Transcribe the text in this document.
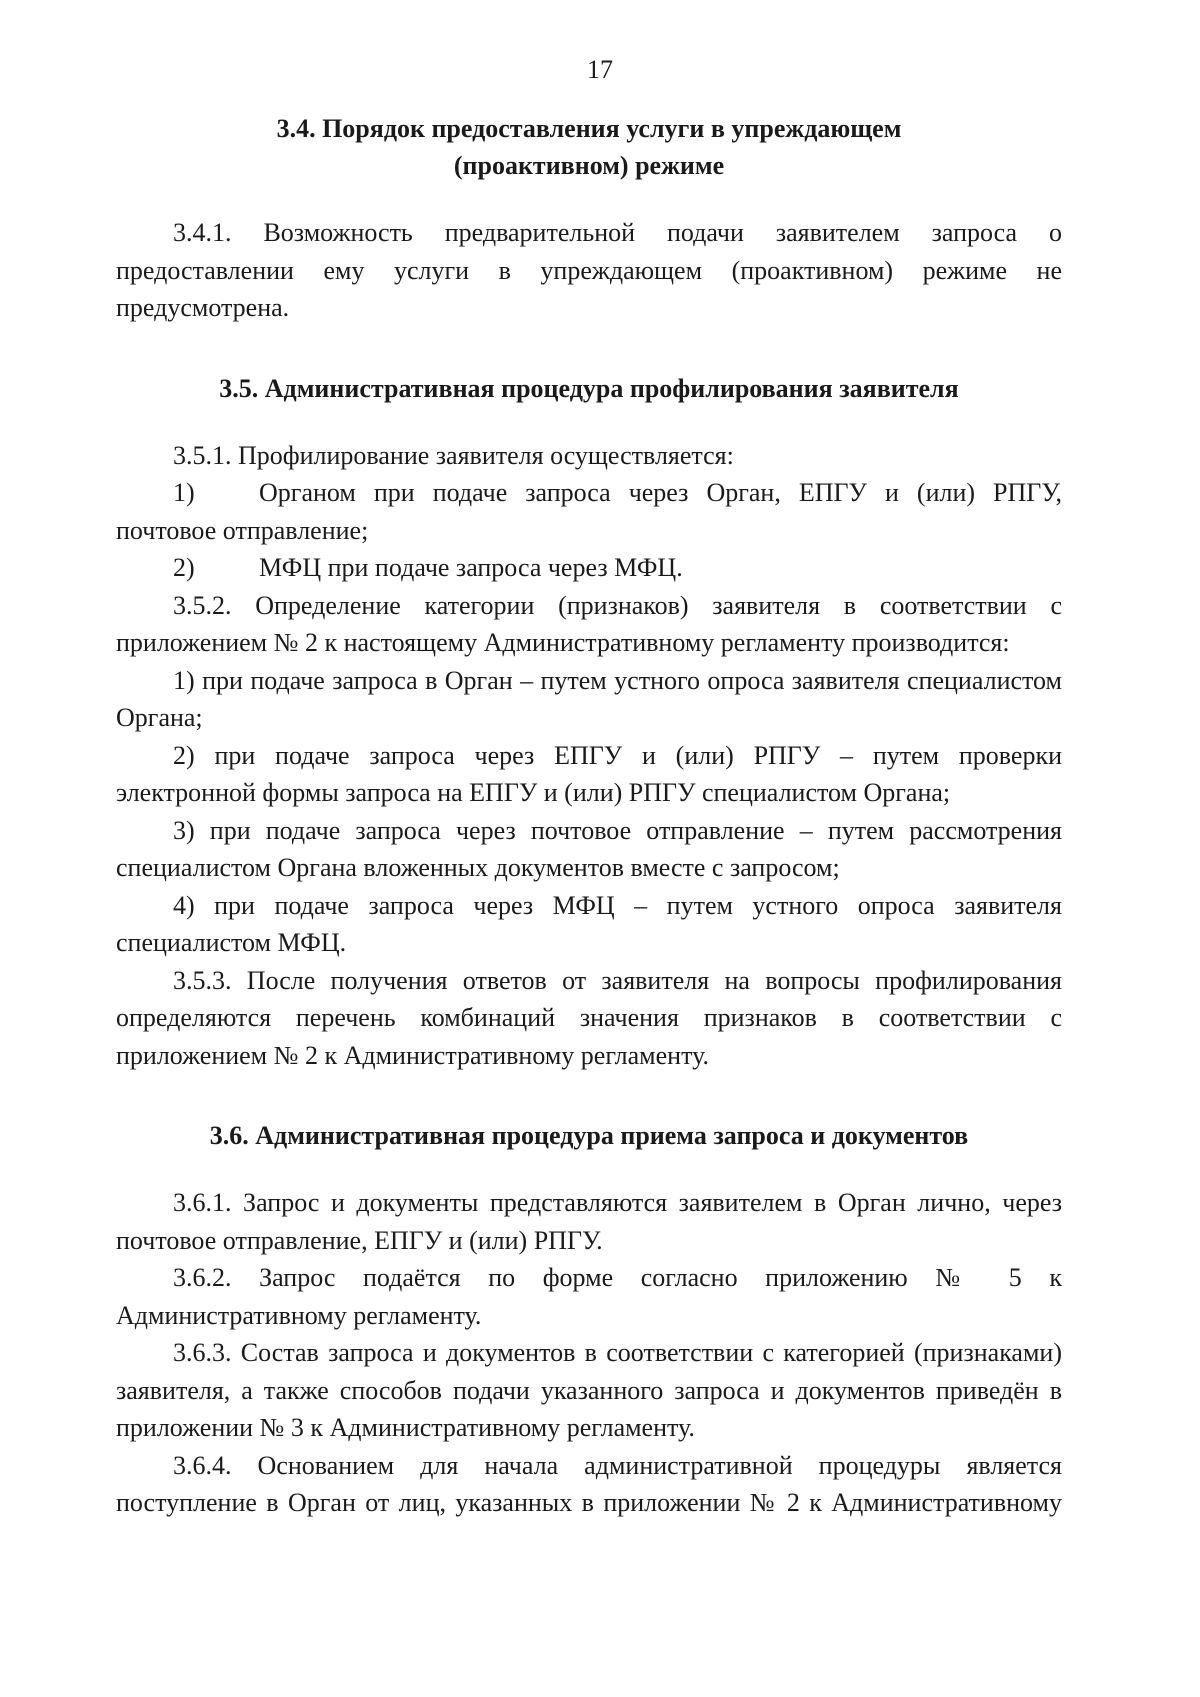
17
3.4. Порядок предоставления услуги в упреждающем
(проактивном) режиме

3.4.1. Возможность предварительной подачи заявителем запроса о предоставлении ему услуги в упреждающем (проактивном) режиме не предусмотрена.

3.5. Административная процедура профилирования заявителя

3.5.1. Профилирование заявителя осуществляется:

1)	Органом при подаче запроса через Орган, ЕПГУ и (или) РПГУ, почтовое отправление;

2)	МФЦ при подаче запроса через МФЦ.

3.5.2. Определение категории (признаков) заявителя в соответствии с приложением № 2 к настоящему Административному регламенту производится:

1) при подаче запроса в Орган – путем устного опроса заявителя специалистом Органа;

2) при подаче запроса через ЕПГУ и (или) РПГУ – путем проверки электронной формы запроса на ЕПГУ и (или) РПГУ специалистом Органа;

3) при подаче запроса через почтовое отправление – путем рассмотрения специалистом Органа вложенных документов вместе с запросом;

4) при подаче запроса через МФЦ – путем устного опроса заявителя специалистом МФЦ.

3.5.3. После получения ответов от заявителя на вопросы профилирования определяются перечень комбинаций значения признаков в соответствии с приложением № 2 к Административному регламенту.

3.6. Административная процедура приема запроса и документов

3.6.1. Запрос и документы представляются заявителем в Орган лично, через почтовое отправление, ЕПГУ и (или) РПГУ.

3.6.2. Запрос подаётся по форме согласно приложению № 5 к Административному регламенту.

3.6.3. Состав запроса и документов в соответствии с категорией (признаками) заявителя, а также способов подачи указанного запроса и документов приведён в приложении № 3 к Административному регламенту.

3.6.4. Основанием для начала административной процедуры является поступление в Орган от лиц, указанных в приложении № 2 к Административному
